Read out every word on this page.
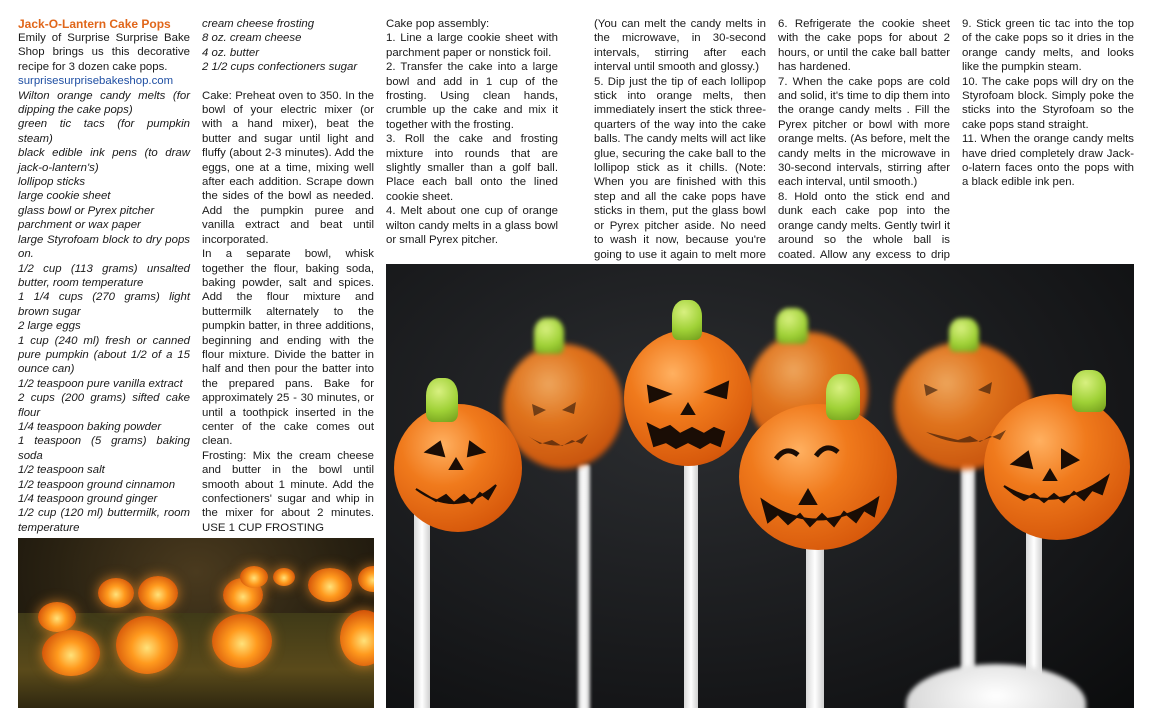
Jack-O-Lantern Cake Pops

Emily of Surprise Surprise Bake Shop brings us this decorative recipe for 3 dozen cake pops.

surprisesurprisebakeshop.com

Wilton orange candy melts (for dipping the cake pops)

green tic tacs (for pumpkin steam)

black edible ink pens (to draw jack-o-lantern's)

lollipop sticks

large cookie sheet

glass bowl or Pyrex pitcher

parchment or wax paper

large Styrofoam block to dry pops on.

1/2 cup (113 grams) unsalted butter, room temperature

1 1/4 cups (270 grams) light brown sugar

2 large eggs

1 cup (240 ml) fresh or canned pure pumpkin (about 1/2 of a 15 ounce can)

1/2 teaspoon pure vanilla extract

2 cups (200 grams) sifted cake flour

1/4 teaspoon baking powder

1 teaspoon (5 grams) baking soda

1/2 teaspoon salt

1/2 teaspoon ground cinnamon

1/4 teaspoon ground ginger

1/2 cup (120 ml) buttermilk, room temperature

cream cheese frosting

8 oz. cream cheese

4 oz. butter

2 1/2 cups confectioners sugar

Cake: Preheat oven to 350. In the bowl of your electric mixer (or with a hand mixer), beat the butter and sugar until light and fluffy (about 2-3 minutes). Add the eggs, one at a time, mixing well after each addition. Scrape down the sides of the bowl as needed. Add the pumpkin puree and vanilla extract and beat until incorporated.

In a separate bowl, whisk together the flour, baking soda, baking powder, salt and spices. Add the flour mixture and buttermilk alternately to the pumpkin batter, in three additions, beginning and ending with the flour mixture. Divide the batter in half and then pour the batter into the prepared pans. Bake for approximately 25 - 30 minutes, or until a toothpick inserted in the center of the cake comes out clean.

Frosting: Mix the cream cheese and butter in the bowl until smooth about 1 minute. Add the confectioners' sugar and whip in the mixer for about 2 minutes. USE 1 CUP FROSTING

Cake pop assembly:

1. Line a large cookie sheet with parchment paper or nonstick foil.

2. Transfer the cake into a large bowl and add in 1 cup of the frosting. Using clean hands, crumble up the cake and mix it together with the frosting.

3. Roll the cake and frosting mixture into rounds that are slightly smaller than a golf ball. Place each ball onto the lined cookie sheet.

4. Melt about one cup of orange wilton candy melts in a glass bowl or small Pyrex pitcher.

(You can melt the candy melts in the microwave, in 30-second intervals, stirring after each interval until smooth and glossy.)

5. Dip just the tip of each lollipop stick into orange melts, then immediately insert the stick three-quarters of the way into the cake balls. The candy melts will act like glue, securing the cake ball to the lollipop stick as it chills. (Note: When you are finished with this step and all the cake pops have sticks in them, put the glass bowl or Pyrex pitcher aside. No need to wash it now, because you're going to use it again to melt more

6. Refrigerate the cookie sheet with the cake pops for about 2 hours, or until the cake ball batter has hardened.

7. When the cake pops are cold and solid, it's time to dip them into the orange candy melts . Fill the Pyrex pitcher or bowl with more orange melts. (As before, melt the candy melts in the microwave in 30-second intervals, stirring after each interval, until smooth.)

8. Hold onto the stick end and dunk each cake pop into the orange candy melts. Gently twirl it around so the whole ball is coated. Allow any excess to drip

9. Stick green tic tac into the top of the cake pops so it dries in the orange candy melts, and looks like the pumpkin steam.

10. The cake pops will dry on the Styrofoam block. Simply poke the sticks into the Styrofoam so the cake pops stand straight.

11. When the orange candy melts have dried completely draw Jack-o-latern faces onto the pops with a black edible ink pen.
